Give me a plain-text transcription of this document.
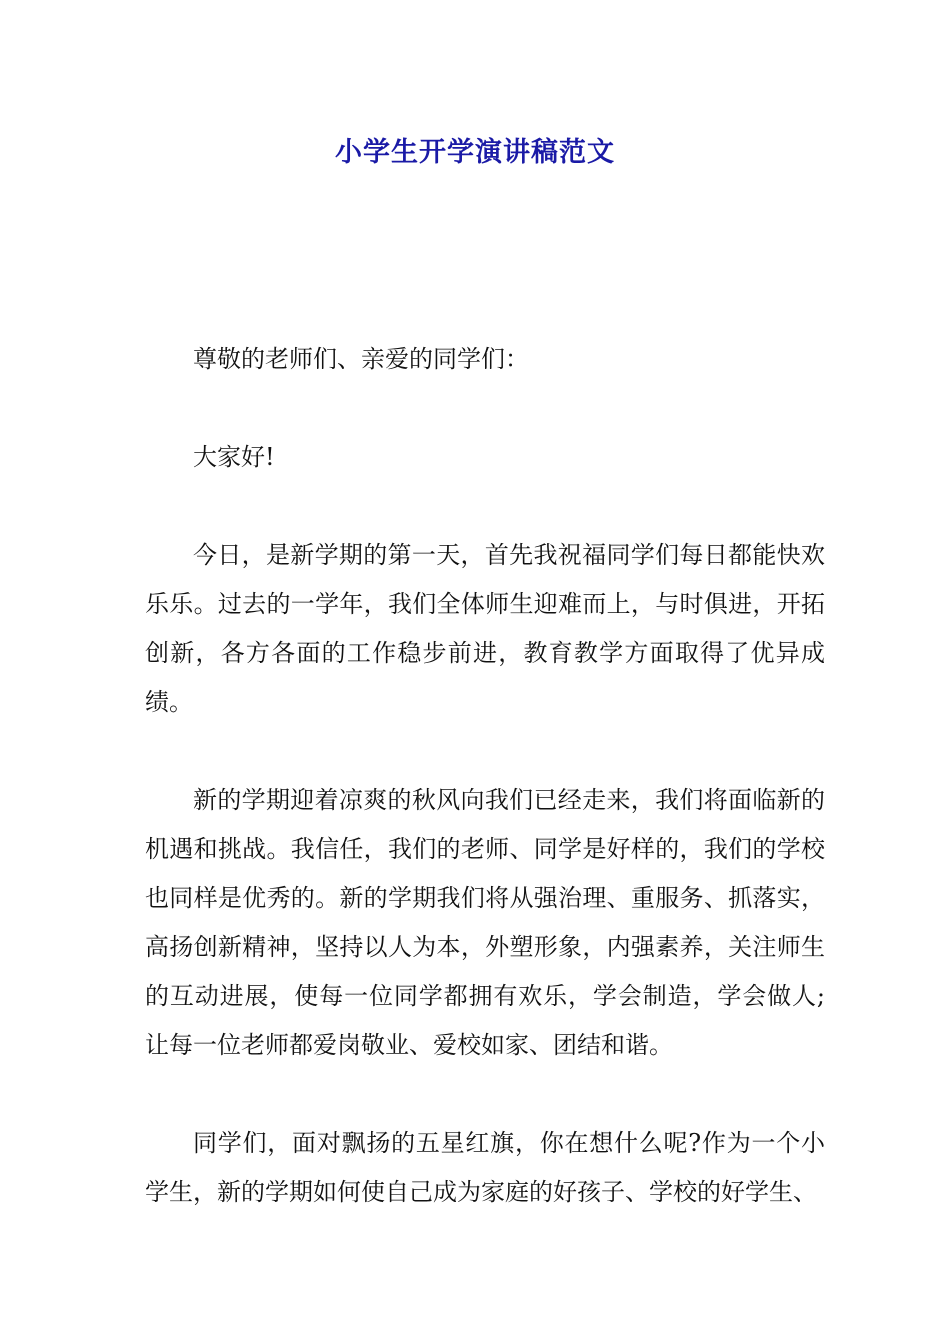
小学生开学演讲稿范文

尊敬的老师们、亲爱的同学们：

大家好!

今日，是新学期的第一天，首先我祝福同学们每日都能快欢乐乐。过去的一学年，我们全体师生迎难而上，与时俱进，开拓创新，各方各面的工作稳步前进，教育教学方面取得了优异成绩。

新的学期迎着凉爽的秋风向我们已经走来，我们将面临新的机遇和挑战。我信任，我们的老师、同学是好样的，我们的学校也同样是优秀的。新的学期我们将从强治理、重服务、抓落实，高扬创新精神，坚持以人为本，外塑形象，内强素养，关注师生的互动进展，使每一位同学都拥有欢乐，学会制造，学会做人;让每一位老师都爱岗敬业、爱校如家、团结和谐。

同学们，面对飘扬的五星红旗，你在想什么呢?作为一个小学生，新的学期如何使自己成为家庭的好孩子、学校的好学生、
